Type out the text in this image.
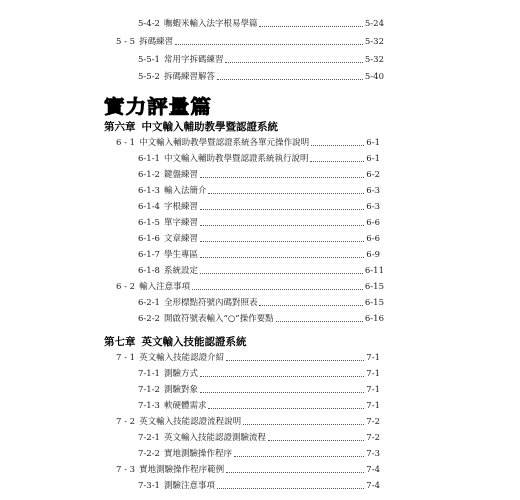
5-4-2 嘸蝦米輸入法字根易學篇	5-24
5 - 5 拆碼練習	5-32
5-5-1 常用字拆碼練習	5-32
5-5-2 拆碼練習解答	5-40
實力評量篇
第六章 中文輸入輔助教學暨認證系統
6 - 1 中文輸入輔助教學暨認證系統各單元操作說明	6-1
6-1-1 中文輸入輔助教學暨認證系統執行說明	6-1
6-1-2 鍵盤練習	6-2
6-1-3 輸入法簡介	6-3
6-1-4 字根練習	6-3
6-1-5 單字練習	6-6
6-1-6 文章練習	6-6
6-1-7 學生專區	6-9
6-1-8 系統設定	6-11
6 - 2 輸入注意事項	6-15
6-2-1 全形標點符號內碼對照表	6-15
6-2-2 開啟符號表輸入“○”操作要點	6-16
第七章 英文輸入技能認證系統
7 - 1 英文輸入技能認證介紹	7-1
7-1-1 測驗方式	7-1
7-1-2 測驗對象	7-1
7-1-3 軟硬體需求	7-1
7 - 2 英文輸入技能認證流程說明	7-2
7-2-1 英文輸入技能認證測驗流程	7-2
7-2-2 實地測驗操作程序	7-3
7 - 3 實地測驗操作程序範例	7-4
7-3-1 測驗注意事項	7-4
